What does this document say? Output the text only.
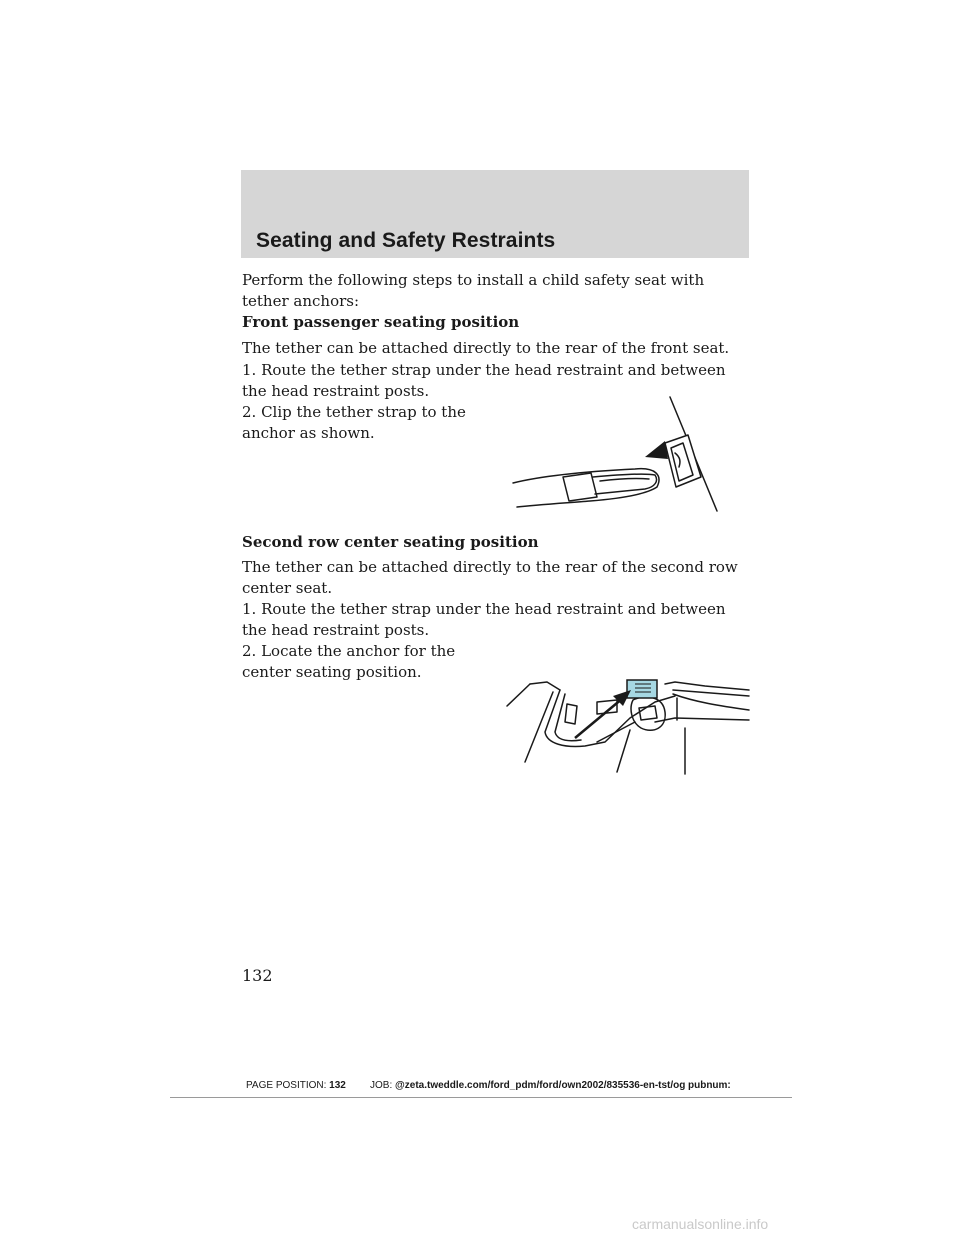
Seating and Safety Restraints

Perform the following steps to install a child safety seat with tether anchors:

Front passenger seating position

The tether can be attached directly to the rear of the front seat.

1. Route the tether strap under the head restraint and between the head restraint posts.

2. Clip the tether strap to the anchor as shown.

Second row center seating position

The tether can be attached directly to the rear of the second row center seat.

1. Route the tether strap under the head restraint and between the head restraint posts.

2. Locate the anchor for the center seating position.

132
PAGE POSITION: 132 JOB: @zeta.tweddle.com/ford_pdm/ford/own2002/835536-en-tst/og pubnum:
carmanualsonline.info
